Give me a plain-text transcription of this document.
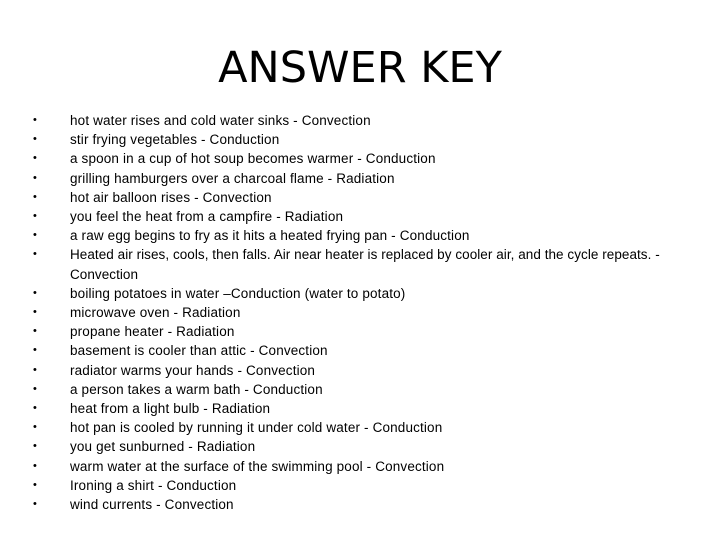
ANSWER KEY
• hot water rises and cold water sinks - Convection
• stir frying vegetables - Conduction
• a spoon in a cup of hot soup becomes warmer - Conduction
• grilling hamburgers over a charcoal flame - Radiation
• hot air balloon rises - Convection
• you feel the heat from a campfire - Radiation
• a raw egg begins to fry as it hits a heated frying pan - Conduction
• Heated air rises, cools, then falls. Air near heater is replaced by cooler air, and the cycle repeats. - Convection
• boiling potatoes in water –Conduction (water to potato)
• microwave oven - Radiation
• propane heater - Radiation
• basement is cooler than attic - Convection
• radiator warms your hands - Convection
• a person takes a warm bath - Conduction
• heat from a light bulb - Radiation
• hot pan is cooled by running it under cold water - Conduction
• you get sunburned - Radiation
• warm water at the surface of the swimming pool - Convection
• Ironing a shirt - Conduction
• wind currents - Convection
